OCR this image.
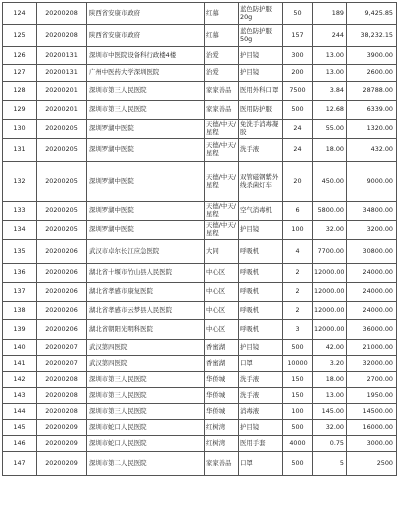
124	20200208	陕西省安康市政府	红慕	蓝色防护服 20g	50	189	9,425.85
125	20200208	陕西省安康市政府	红慕	蓝色防护服 50g	157	244	38,232.15
126	20200131	深圳市中医院设备科行政楼4楼	治爱	护目镜	300	13.00	3900.00
127	20200131	广州中医药大学深圳医院	治爱	护目镜	200	13.00	2600.00
128	20200201	深圳市第三人民医院	家家善品	医用外科口罩	7500	3.84	28788.00
129	20200201	深圳市第三人民医院	家家善品	医用防护服	500	12.68	6339.00
130	20200205	深圳罗湖中医院	天德/中天/星程	免洗手消毒凝胶	24	55.00	1320.00
131	20200205	深圳罗湖中医院	天德/中天/星程	洗手液	24	18.00	432.00
132	20200205	深圳罗湖中医院	天德/中天/星程	双管磁钢紫外线杀菌灯车	20	450.00	9000.00
133	20200205	深圳罗湖中医院	天德/中天/星程	空气消毒机	6	5800.00	34800.00
134	20200205	深圳罗湖中医院	天德/中天/星程	护目镜	100	32.00	3200.00
135	20200206	武汉市卓尔长江应急医院	大同	呼吸机	4	7700.00	30800.00
136	20200206	湖北省十堰市竹山县人民医院	中心区	呼吸机	2	12000.00	24000.00
137	20200206	湖北省孝感市康复医院	中心区	呼吸机	2	12000.00	24000.00
138	20200206	湖北省孝感市云梦县人民医院	中心区	呼吸机	2	12000.00	24000.00
139	20200206	湖北省朝阳光明科医院	中心区	呼吸机	3	12000.00	36000.00
140	20200207	武汉第四医院	香蜜湖	护目镜	500	42.00	21000.00
141	20200207	武汉第四医院	香蜜湖	口罩	10000	3.20	32000.00
142	20200208	深圳市第三人民医院	华侨城	洗手液	150	18.00	2700.00
143	20200208	深圳市第三人民医院	华侨城	洗手液	150	13.00	1950.00
144	20200208	深圳市第三人民医院	华侨城	消毒液	100	145.00	14500.00
145	20200209	深圳市蛇口人民医院	红树湾	护目镜	500	32.00	16000.00
146	20200209	深圳市蛇口人民医院	红树湾	医用手套	4000	0.75	3000.00
147	20200209	深圳市第二人民医院	家家善品	口罩	500	5	2500
